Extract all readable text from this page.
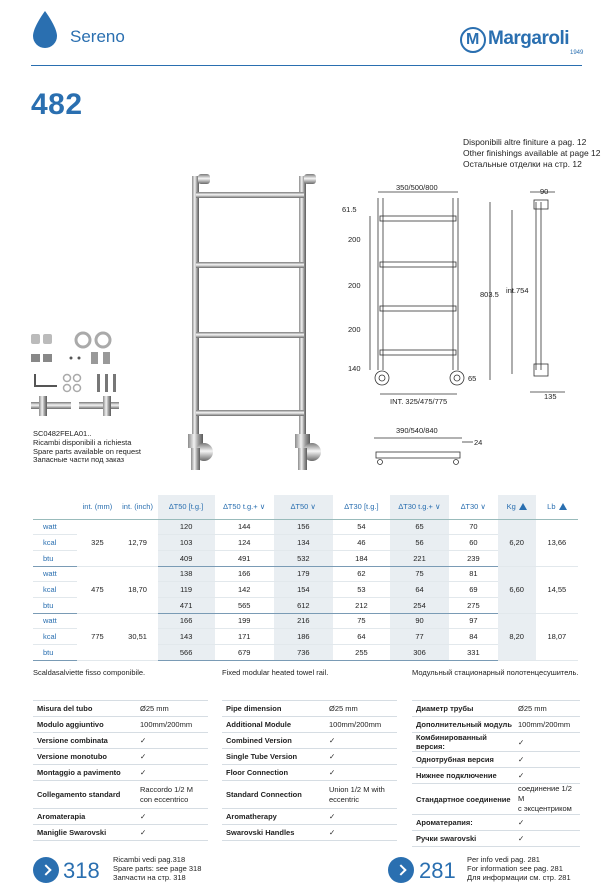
Sereno M	Margaroli
1949
482
Disponibili altre finiture a pag. 12
Other finishings available at page 12
Остальные отделки на стр. 12
SC0482FELA01..
Ricambi disponibili a richiesta
Spare parts available on request
Запасные части под заказ
350/500/800
61.5
200
200
200
140
65
INT. 325/475/775
90
803.5 int.754
135
390/540/840
24
	int. (mm)	int. (inch)	∆T50 [t.g.]	∆T50 t.g.+ ∨	∆T50 ∨	∆T30 [t.g.]	∆T30 t.g.+ ∨	∆T30 ∨	Kg	Lb
watt	325	12,79	120	144	156	54	65	70	6,20	13,66
kcal			103	124	134	46	56	60		
btu			409	491	532	184	221	239		
watt	475	18,70	138	166	179	62	75	81	6,60	14,55
kcal			119	142	154	53	64	69		
btu			471	565	612	212	254	275		
watt	775	30,51	166	199	216	75	90	97	8,20	18,07
kcal			143	171	186	64	77	84		
btu			566	679	736	255	306	331		
Scaldasalviette fisso componibile.	Fixed modular heated towel rail.	Модульный стационарный полотенцесушитель.
Misura del tubo	Ø25 mm
Modulo aggiuntivo	100mm/200mm
Versione combinata	✓
Versione monotubo	✓
Montaggio a pavimento	✓
Collegamento standard	Raccordo 1/2 M
con eccentrico

Aromaterapia	✓
Maniglie Swarovski	✓
Pipe dimension	Ø25 mm
Additional Module	100mm/200mm
Combined Version	✓
Single Tube Version	✓
Floor Connection	✓
Standard Connection	Union 1/2 M with
eccentric

Aromatherapy	✓
Swarovski Handles	✓
Диаметр трубы	Ø25 mm
Дополнительный модуль	100mm/200mm
Комбинированный версия:	✓
Однотрубная версия	✓
Нижнее подключение	✓
Стандартное соединение	соединение 1/2 M
с эксцентриком

Ароматерапия:	✓
Ручки swarovski	✓
318 Ricambi vedi pag.318
Spare parts: see page 318
Запчасти на стр. 318	281 Per info vedi pag. 281
For information see pag. 281
Для информации см. стр. 281
